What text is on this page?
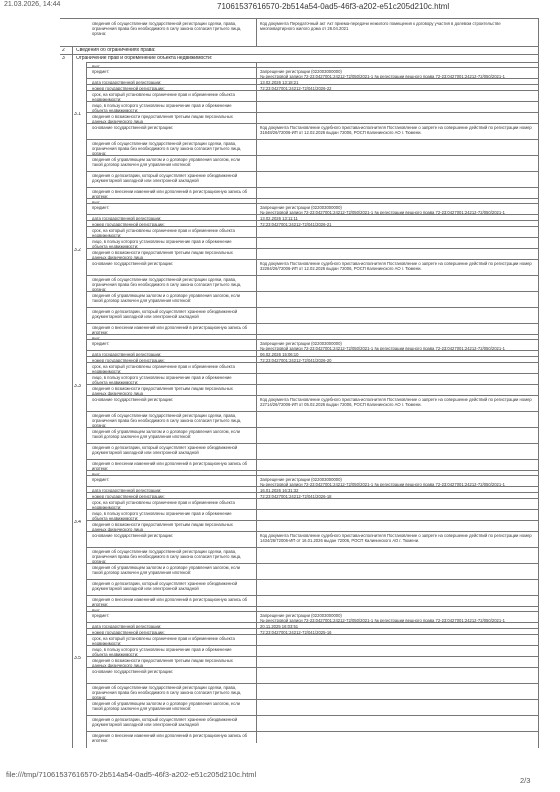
21.03.2026, 14:44	71061537616570-2b514a54-0ad5-46f3-a202-e51c205d210c.html
сведения об осуществлении государственной регистрации сделки, права, ограничения права без необходимого в силу закона согласия третьего лица, органа:
Код документа Передаточный акт Акт приема-передачи нежилого помещения к договору участия в долевом строительстве многоквартирного жилого дома от 26.04.2021
2 Сведения об ограничениях права:
3 Ограничение прав и обременение объекта недвижимости:
3.1
вид:
предмет:	Запрещение регистрации (022003000000)
№ реестровой записи 72-23:0427001:24212-72/050/2021-1 № регистрации вещного права 72-23:0427001:24212-72/050/2021-1
дата государственной регистрации:	13.02.2026 13:18:21
номер государственной регистрации:	72:23:0427001:24212-72/041/2026-22
срок, на который установлены ограничение прав и обременение объекта недвижимости:
лицо, в пользу которого установлены ограничение прав и обременение объекта недвижимости:
сведения о возможности предоставления третьим лицам персональных данных физического лица
основание государственной регистрации:	Код документа Постановление судебного пристава-исполнителя Постановление о запрете на совершение действий по регистрации номер 31848/26/72006-ИП от 12.02.2026 выдан 72006, РОСП Калининского АО г. Тюмени.
сведения об осуществлении государственной регистрации сделки, права, ограничения права без необходимого в силу закона согласия третьего лица, органа:
сведения об управляющем залогом и о договоре управления залогом, если такой договор заключен для управления ипотекой:
сведения о депозитарии, который осуществляет хранение обездвиженной документарной закладной или электронной закладной
сведения о внесении изменений или дополнений в регистрационную запись об ипотеке:
3.2
вид:
предмет:	Запрещение регистрации (022003000000)
№ реестровой записи 72-23:0427001:24212-72/050/2021-1 № регистрации вещного права 72-23:0427001:24212-72/050/2021-1
дата государственной регистрации:	13.02.2026 13:11:11
номер государственной регистрации:	72:23:0427001:24212-72/041/2026-21
срок, на который установлены ограничение прав и обременение объекта недвижимости:
лицо, в пользу которого установлены ограничение прав и обременение объекта недвижимости:
сведения о возможности предоставления третьим лицам персональных данных физического лица
основание государственной регистрации:	Код документа Постановление судебного пристава-исполнителя Постановление о запрете на совершение действий по регистрации номер 32284/26/72006-ИП от 12.02.2026 выдан 72006, РОСП Калининского АО г. Тюмени.
сведения об осуществлении государственной регистрации сделки, права, ограничения права без необходимого в силу закона согласия третьего лица, органа:
сведения об управляющем залогом и о договоре управления залогом, если такой договор заключен для управления ипотекой:
сведения о депозитарии, который осуществляет хранение обездвиженной документарной закладной или электронной закладной
сведения о внесении изменений или дополнений в регистрационную запись об ипотеке:
3.3
вид:
предмет:	Запрещение регистрации (022003000000)
№ реестровой записи 72-23:0427001:24212-72/050/2021-1 № регистрации вещного права 72-23:0427001:24212-72/050/2021-1
дата государственной регистрации:	06.02.2026 15:06:10
номер государственной регистрации:	72:23:0427001:24212-72/041/2026-20
срок, на который установлены ограничение прав и обременение объекта недвижимости:
лицо, в пользу которого установлены ограничение прав и обременение объекта недвижимости:
сведения о возможности предоставления третьим лицам персональных данных физического лица
основание государственной регистрации:	Код документа Постановление судебного пристава-исполнителя Постановление о запрете на совершение действий по регистрации номер 22714/26/72006-ИП от 05.02.2026 выдан 72006, РОСП Калининского АО г. Тюмени.
сведения об осуществлении государственной регистрации сделки, права, ограничения права без необходимого в силу закона согласия третьего лица, органа:
сведения об управляющем залогом и о договоре управления залогом, если такой договор заключен для управления ипотекой:
сведения о депозитарии, который осуществляет хранение обездвиженной документарной закладной или электронной закладной
сведения о внесении изменений или дополнений в регистрационную запись об ипотеке:
3.4
вид:
предмет:	Запрещение регистрации (022003000000)
№ реестровой записи 72-23:0427001:24212-72/050/2021-1 № регистрации вещного права 72-23:0427001:24212-72/050/2021-1
дата государственной регистрации:	16.01.2026 16:31:32
номер государственной регистрации:	72:23:0427001:24212-72/041/2026-18
срок, на который установлены ограничение прав и обременение объекта недвижимости:
лицо, в пользу которого установлены ограничение прав и обременение объекта недвижимости:
сведения о возможности предоставления третьим лицам персональных данных физического лица
основание государственной регистрации:	Код документа Постановление судебного пристава-исполнителя Постановление о запрете на совершение действий по регистрации номер 1434/26/72006-ИП от 16.01.2026 выдан 72006, РОСП Калининского АО г. Тюмени.
сведения об осуществлении государственной регистрации сделки, права, ограничения права без необходимого в силу закона согласия третьего лица, органа:
сведения об управляющем залогом и о договоре управления залогом, если такой договор заключен для управления ипотекой:
сведения о депозитарии, который осуществляет хранение обездвиженной документарной закладной или электронной закладной
сведения о внесении изменений или дополнений в регистрационную запись об ипотеке:
3.5
вид:
предмет:	Запрещение регистрации (022003000000)
№ реестровой записи 72-23:0427001:24212-72/050/2021-1 № регистрации вещного права 72-23:0427001:24212-72/050/2021-1
дата государственной регистрации:	20.11.2025 16:03:51
номер государственной регистрации:	72:23:0427001:24212-72/041/2025-16
срок, на который установлены ограничение прав и обременение объекта недвижимости:
лицо, в пользу которого установлены ограничение прав и обременение объекта недвижимости:
сведения о возможности предоставления третьим лицам персональных данных физического лица
основание государственной регистрации:
сведения об осуществлении государственной регистрации сделки, права, ограничения права без необходимого в силу закона согласия третьего лица, органа:
сведения об управляющем залогом и о договоре управления залогом, если такой договор заключен для управления ипотекой:
сведения о депозитарии, который осуществляет хранение обездвиженной документарной закладной или электронной закладной
сведения о внесении изменений или дополнений в регистрационную запись об ипотеке:
file:///tmp/71061537616570-2b514a54-0ad5-46f3-a202-e51c205d210c.html
2/3
